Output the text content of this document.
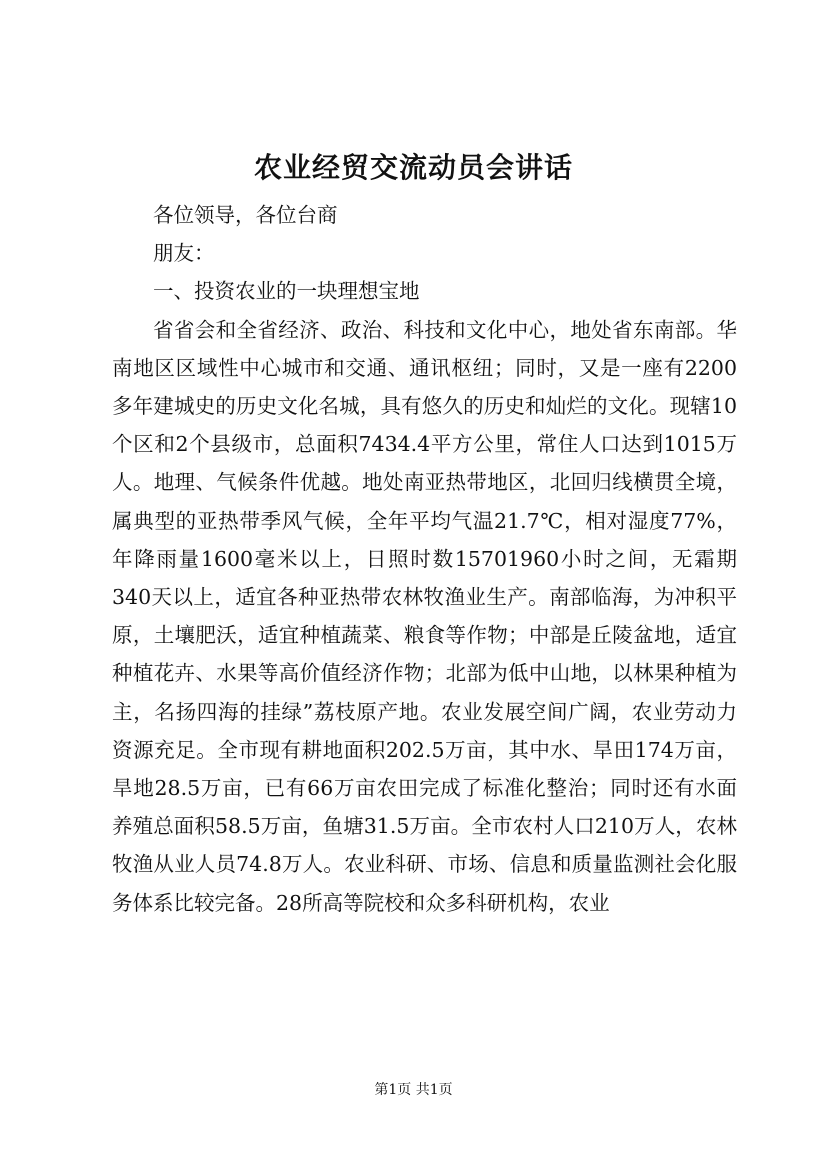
农业经贸交流动员会讲话

各位领导，各位台商

朋友：

一、投资农业的一块理想宝地

省省会和全省经济、政治、科技和文化中心，地处省东南部。华南地区区域性中心城市和交通、通讯枢纽；同时，又是一座有2200多年建城史的历史文化名城，具有悠久的历史和灿烂的文化。现辖10个区和2个县级市，总面积7434.4平方公里，常住人口达到1015万人。地理、气候条件优越。地处南亚热带地区，北回归线横贯全境，属典型的亚热带季风气候，全年平均气温21.7℃，相对湿度77%，年降雨量1600毫米以上，日照时数15701960小时之间，无霜期340天以上，适宜各种亚热带农林牧渔业生产。南部临海，为冲积平原，土壤肥沃，适宜种植蔬菜、粮食等作物；中部是丘陵盆地，适宜种植花卉、水果等高价值经济作物；北部为低中山地，以林果种植为主，名扬四海的挂绿”荔枝原产地。农业发展空间广阔，农业劳动力资源充足。全市现有耕地面积202.5万亩，其中水、旱田174万亩，旱地28.5万亩，已有66万亩农田完成了标准化整治；同时还有水面养殖总面积58.5万亩，鱼塘31.5万亩。全市农村人口210万人，农林牧渔从业人员74.8万人。农业科研、市场、信息和质量监测社会化服务体系比较完备。28所高等院校和众多科研机构，农业

第1页 共1页
